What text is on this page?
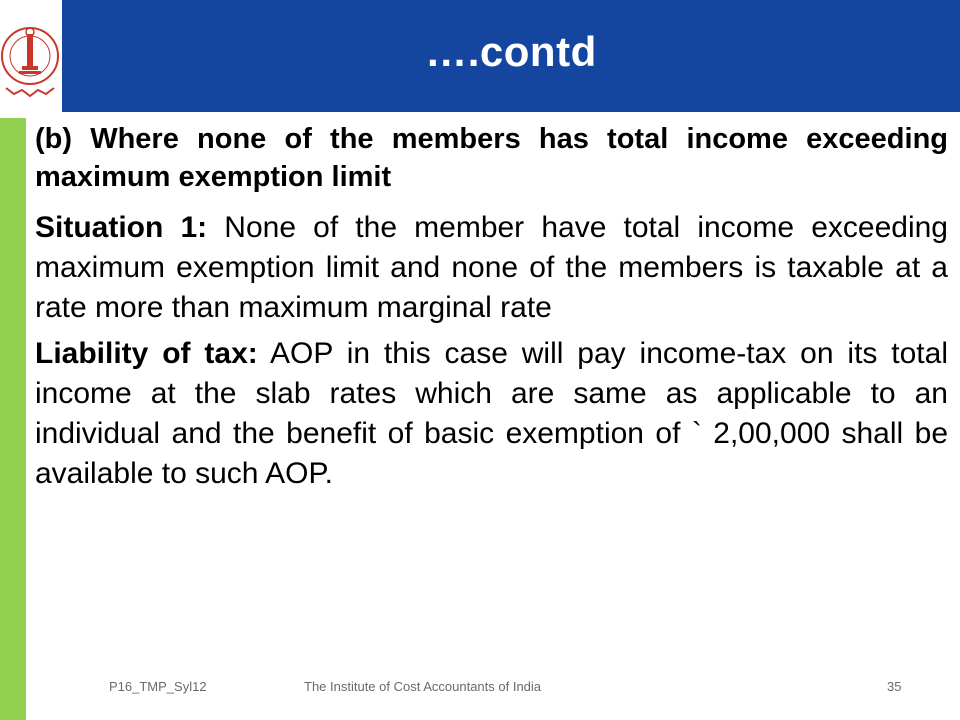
….contd

(b) Where none of the members has total income exceeding maximum exemption limit

Situation 1: None of the member have total income exceeding maximum exemption limit and none of the members is taxable at a rate more than maximum marginal rate

Liability of tax: AOP in this case will pay income-tax on its total income at the slab rates which are same as applicable to an individual and the benefit of basic exemption of ` 2,00,000 shall be available to such AOP.

P16_TMP_Syl12	The Institute of Cost Accountants of India	35
